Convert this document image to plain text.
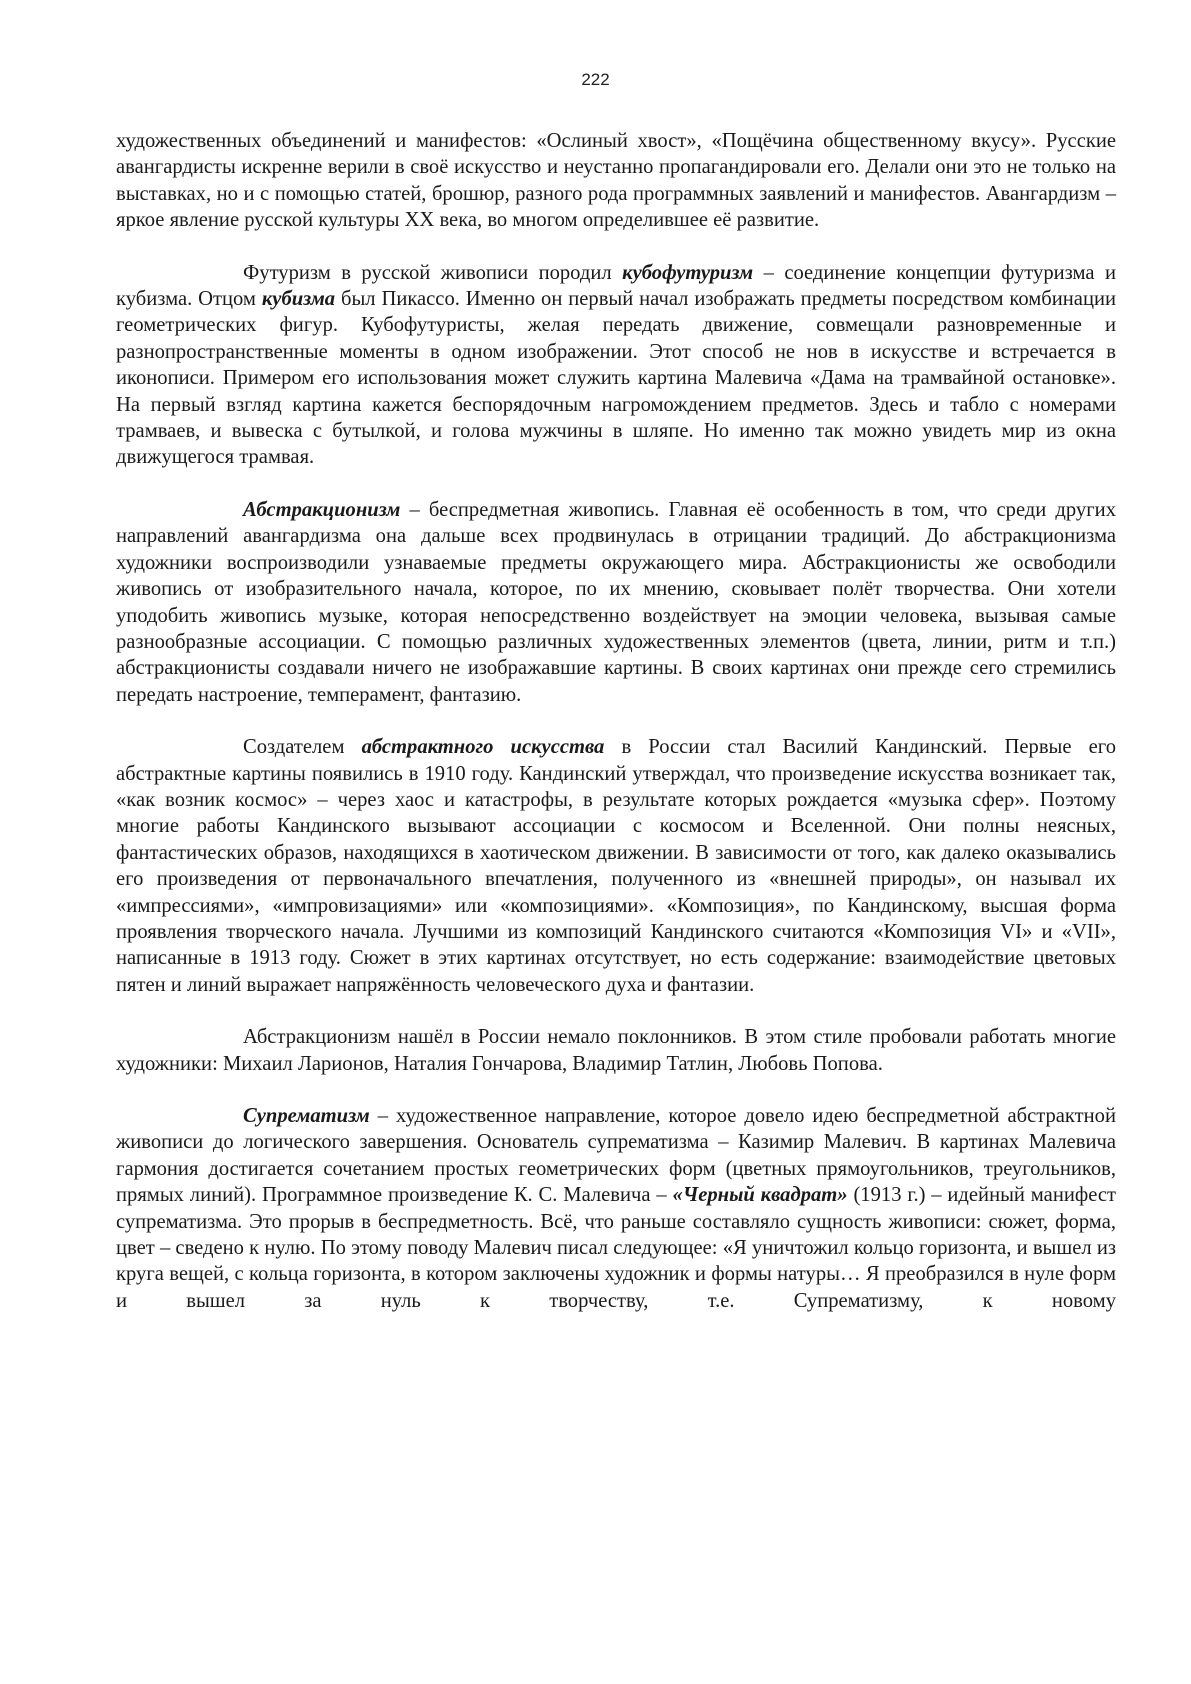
222

художественных объединений и манифестов: «Ослиный хвост», «Пощёчина общественному вкусу». Русские авангардисты искренне верили в своё искусство и неустанно пропагандировали его. Делали они это не только на выставках, но и с помощью статей, брошюр, разного рода программных заявлений и манифестов. Авангардизм – яркое явление русской культуры XX века, во многом определившее её развитие.

Футуризм в русской живописи породил кубофутуризм – соединение концепции футуризма и кубизма. Отцом кубизма был Пикассо. Именно он первый начал изображать предметы посредством комбинации геометрических фигур. Кубофутуристы, желая передать движение, совмещали разновременные и разнопространственные моменты в одном изображении. Этот способ не нов в искусстве и встречается в иконописи. Примером его использования может служить картина Малевича «Дама на трамвайной остановке». На первый взгляд картина кажется беспорядочным нагромождением предметов. Здесь и табло с номерами трамваев, и вывеска с бутылкой, и голова мужчины в шляпе. Но именно так можно увидеть мир из окна движущегося трамвая.

Абстракционизм – беспредметная живопись. Главная её особенность в том, что среди других направлений авангардизма она дальше всех продвинулась в отрицании традиций. До абстракционизма художники воспроизводили узнаваемые предметы окружающего мира. Абстракционисты же освободили живопись от изобразительного начала, которое, по их мнению, сковывает полёт творчества. Они хотели уподобить живопись музыке, которая непосредственно воздействует на эмоции человека, вызывая самые разнообразные ассоциации. С помощью различных художественных элементов (цвета, линии, ритм и т.п.) абстракционисты создавали ничего не изображавшие картины. В своих картинах они прежде сего стремились передать настроение, темперамент, фантазию.

Создателем абстрактного искусства в России стал Василий Кандинский. Первые его абстрактные картины появились в 1910 году. Кандинский утверждал, что произведение искусства возникает так, «как возник космос» – через хаос и катастрофы, в результате которых рождается «музыка сфер». Поэтому многие работы Кандинского вызывают ассоциации с космосом и Вселенной. Они полны неясных, фантастических образов, находящихся в хаотическом движении. В зависимости от того, как далеко оказывались его произведения от первоначального впечатления, полученного из «внешней природы», он называл их «импрессиями», «импровизациями» или «композициями». «Композиция», по Кандинскому, высшая форма проявления творческого начала. Лучшими из композиций Кандинского считаются «Композиция VI» и «VII», написанные в 1913 году. Сюжет в этих картинах отсутствует, но есть содержание: взаимодействие цветовых пятен и линий выражает напряжённость человеческого духа и фантазии.

Абстракционизм нашёл в России немало поклонников. В этом стиле пробовали работать многие художники: Михаил Ларионов, Наталия Гончарова, Владимир Татлин, Любовь Попова.

Супрематизм – художественное направление, которое довело идею беспредметной абстрактной живописи до логического завершения. Основатель супрематизма – Казимир Малевич. В картинах Малевича гармония достигается сочетанием простых геометрических форм (цветных прямоугольников, треугольников, прямых линий). Программное произведение К. С. Малевича – «Черный квадрат» (1913 г.) – идейный манифест супрематизма. Это прорыв в беспредметность. Всё, что раньше составляло сущность живописи: сюжет, форма, цвет – сведено к нулю. По этому поводу Малевич писал следующее: «Я уничтожил кольцо горизонта, и вышел из круга вещей, с кольца горизонта, в котором заключены художник и формы натуры… Я преобразился в нуле форм и вышел за нуль к творчеству, т.е. Супрематизму, к новому
